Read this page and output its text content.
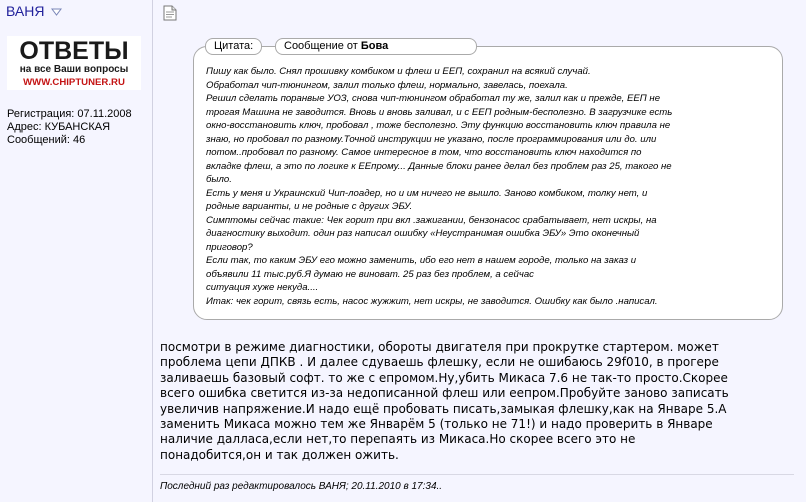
ВАНЯ
ОТВЕТЫ
на все Ваши вопросы
WWW.CHIPTUNER.RU
Регистрация: 07.11.2008
Адрес: КУБАНСКАЯ
Сообщений: 46
Пишу как было. Снял прошивку комбиком и флеш и ЕЕП, сохранил на всякий случай.
Обработал чип-тюнингом, залил только флеш, нормально, завелась, поехала.
Решил сделать поранвые УОЗ, снова чип-тюнингом обработал ту же, залил как и прежде, ЕЕП не
трогая Машина не заводится. Вновь и вновь заливал, и с ЕЕП родным-бесполезно. В загрузчике есть
окно-восстановить ключ, пробовал , тоже бесполезно. Эту функцию восстановить ключ правила не
знаю, но пробовал по разному.Точной инструкции не указано, после программирования или до. или
потом..пробовал по разному. Самое интересное в том, что восстановить ключ находится по
вкладке флеш, а это по логике к ЕЕпрому... Данные блоки ранее делал без проблем раз 25, такого не
было.
Есть у меня и Украинский Чип-лоадер, но и им ничего не вышло. Заново комбиком, толку нет, и
родные варианты, и не родные с других ЭБУ.
Симптомы сейчас такие: Чек горит при вкл .зажигании, бензонасос срабатывает, нет искры, на
диагностику выходит. один раз написал ошибку «Неустранимая ошибка ЭБУ» Это оконечный
приговор?
Если так, то каким ЭБУ его можно заменить, ибо его нет в нашем городе, только на заказ и
объявили 11 тыс.руб.Я думаю не виноват. 25 раз без проблем, а сейчас
ситуация хуже некуда....
Итак: чек горит, связь есть, насос жужжит, нет искры, не заводится. Ошибку как было .написал.
Цитата:	Сообщение от Бова
посмотри в режиме диагностики, обороты двигателя при прокрутке стартером. может
проблема цепи ДПКВ . И далее сдуваешь флешку, если не ошибаюсь 29f010, в прогере
заливаешь базовый софт. то же с епромом.Ну,убить Микаса 7.6 не так-то просто.Скорее
всего ошибка светится из-за недописанной флеш или еепром.Пробуйте заново записать
увеличив напряжение.И надо ещё пробовать писать,замыкая флешку,как на Январе 5.А
заменить Микаса можно тем же Январём 5 (только не 71!) и надо проверить в Январе
наличие далласа,если нет,то перепаять из Микаса.Но скорее всего это не
понадобится,он и так должен ожить.
Последний раз редактировалось ВАНЯ; 20.11.2010 в 17:34..
